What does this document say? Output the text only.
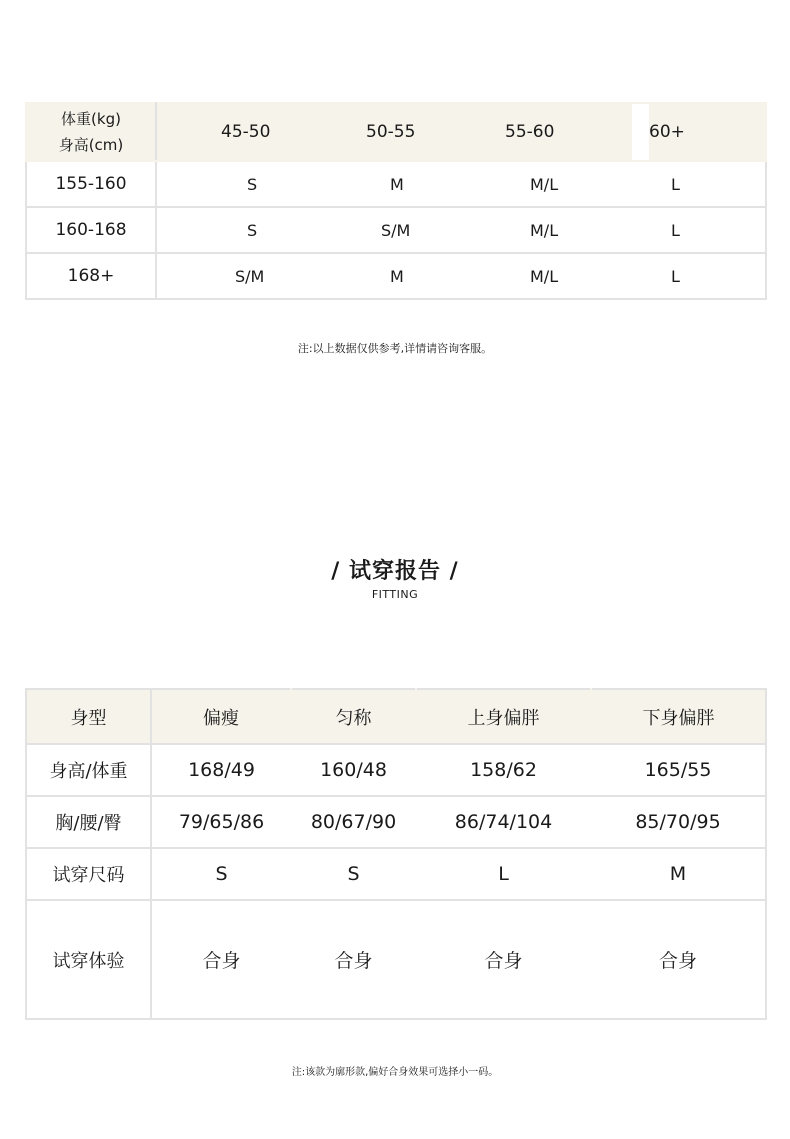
体重(kg)
身高(cm)	45-50	50-55	55-60	60+	
155-160	S	M	M/L	L	
160-168	S	S/M	M/L	L	
168+	S/M	M	M/L	L	
注:以上数据仅供参考,详情请咨询客服。
/ 试穿报告 /
FITTING
身型	偏瘦	匀称	上身偏胖	下身偏胖
身高/体重	168/49	160/48	158/62	165/55
胸/腰/臀	79/65/86	80/67/90	86/74/104	85/70/95
试穿尺码	S	S	L	M
试穿体验	合身	合身	合身	合身
注:该款为廓形款,偏好合身效果可选择小一码。
